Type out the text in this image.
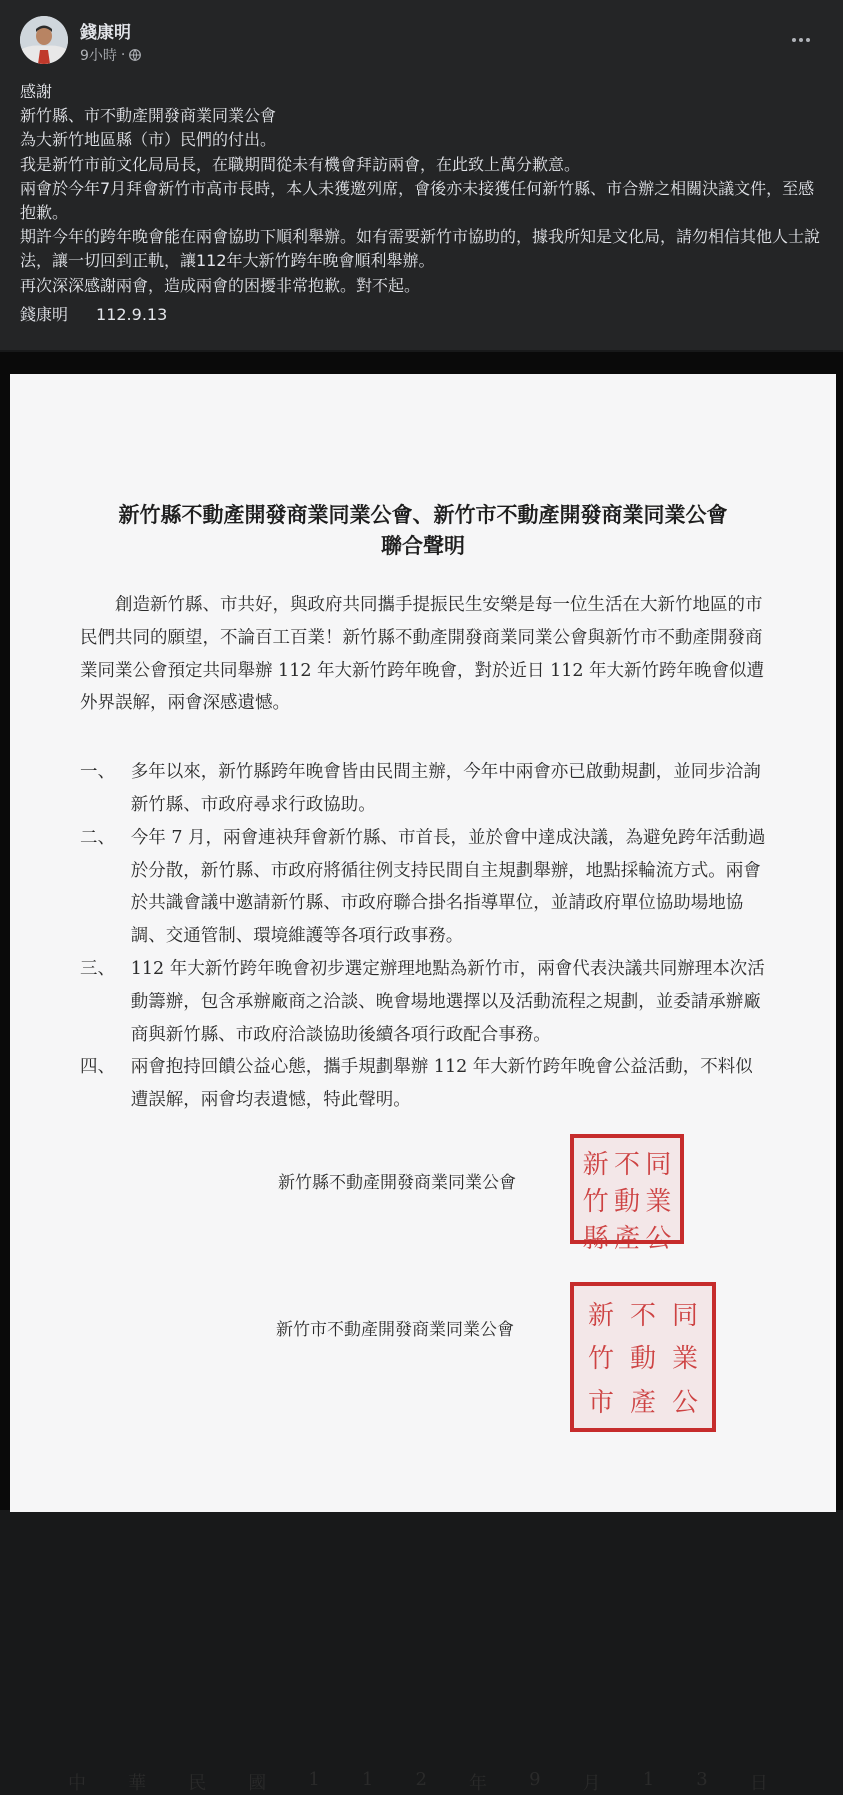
錢康明
9小時 ·

感謝

新竹縣、市不動產開發商業同業公會

為大新竹地區縣（市）民們的付出。

我是新竹市前文化局局長，在職期間從未有機會拜訪兩會，在此致上萬分歉意。

兩會於今年7月拜會新竹市高市長時，本人未獲邀列席，會後亦未接獲任何新竹縣、市合辦之相關決議文件，至感抱歉。

期許今年的跨年晚會能在兩會協助下順利舉辦。如有需要新竹市協助的，據我所知是文化局，請勿相信其他人士說法，讓一切回到正軌，讓112年大新竹跨年晚會順利舉辦。

再次深深感謝兩會，造成兩會的困擾非常抱歉。對不起。

錢康明 112.9.13

新竹縣不動產開發商業同業公會、新竹市不動產開發商業同業公會
聯合聲明

創造新竹縣、市共好，與政府共同攜手提振民生安樂是每一位生活在大新竹地區的市民們共同的願望，不論百工百業！新竹縣不動產開發商業同業公會與新竹市不動產開發商業同業公會預定共同舉辦 112 年大新竹跨年晚會，對於近日 112 年大新竹跨年晚會似遭外界誤解，兩會深感遺憾。

一、 多年以來，新竹縣跨年晚會皆由民間主辦，今年中兩會亦已啟動規劃，並同步洽詢新竹縣、市政府尋求行政協助。
二、 今年 7 月，兩會連袂拜會新竹縣、市首長，並於會中達成決議，為避免跨年活動過於分散，新竹縣、市政府將循往例支持民間自主規劃舉辦，地點採輪流方式。兩會於共識會議中邀請新竹縣、市政府聯合掛名指導單位，並請政府單位協助場地協調、交通管制、環境維護等各項行政事務。
三、 112 年大新竹跨年晚會初步選定辦理地點為新竹市，兩會代表決議共同辦理本次活動籌辦，包含承辦廠商之洽談、晚會場地選擇以及活動流程之規劃，並委請承辦廠商與新竹縣、市政府洽談協助後續各項行政配合事務。
四、 兩會抱持回饋公益心態，攜手規劃舉辦 112 年大新竹跨年晚會公益活動，不料似遭誤解，兩會均表遺憾，特此聲明。
新竹縣不動產開發商業同業公會
新 不 同
竹 動 業
縣 產 公
新竹市不動產開發商業同業公會	新 不 同
竹 動 業
市 產 公
中 華 民 國 1 1 2 年 9 月 1 3 日
